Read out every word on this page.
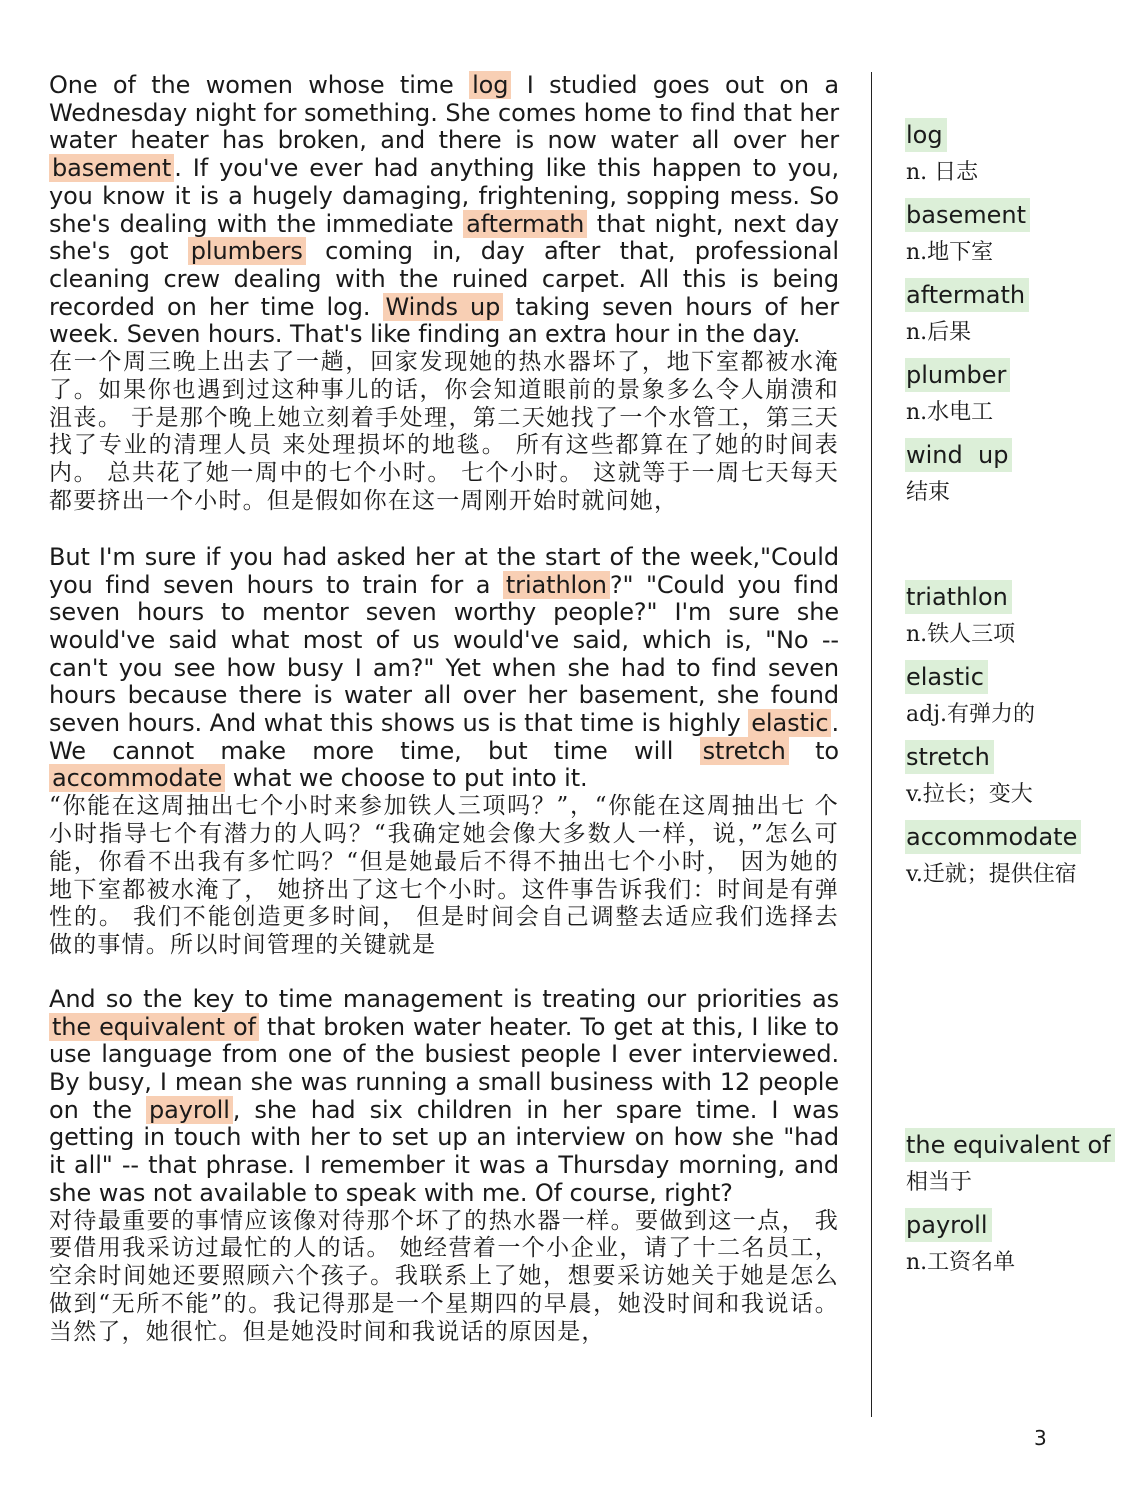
One of the women whose time log I studied goes out on a Wednesday night for something. She comes home to find that her water heater has broken, and there is now water all over her basement . If you've ever had anything like this happen to you, you know it is a hugely damaging, frightening, sopping mess. So she's dealing with the immediate aftermath that night, next day she's got plumbers coming in, day after that, professional cleaning crew dealing with the ruined carpet. All this is being recorded on her time log. Winds up taking seven hours of her week. Seven hours. That's like finding an extra hour in the day.

在一个周三晚上出去了一趟，回家发现她的热水器坏了，地下室都被水淹了。如果你也遇到过这种事儿的话，你会知道眼前的景象多么令人崩溃和沮丧。 于是那个晚上她立刻着手处理，第二天她找了一个水管工，第三天找了专业的清理人员 来处理损坏的地毯。 所有这些都算在了她的时间表内。 总共花了她一周中的七个小时。 七个小时。 这就等于一周七天每天都要挤出一个小时。但是假如你在这一周刚开始时就问她，

But I'm sure if you had asked her at the start of the week,"Could you find seven hours to train for a triathlon ?" "Could you find seven hours to mentor seven worthy people?" I'm sure she would've said what most of us would've said, which is, "No -- can't you see how busy I am?" Yet when she had to find seven hours because there is water all over her basement, she found seven hours. And what this shows us is that time is highly elastic . We cannot make more time, but time will stretch to accommodate what we choose to put into it.

“你能在这周抽出七个小时来参加铁人三项吗？”，“你能在这周抽出七 个小时指导七个有潜力的人吗？“我确定她会像大多数人一样，说，”怎么可能，你看不出我有多忙吗？“但是她最后不得不抽出七个小时， 因为她的地下室都被水淹了， 她挤出了这七个小时。这件事告诉我们：时间是有弹性的。 我们不能创造更多时间， 但是时间会自己调整去适应我们选择去做的事情。所以时间管理的关键就是

And so the key to time management is treating our priorities as the equivalent of that broken water heater. To get at this, I like to use language from one of the busiest people I ever interviewed. By busy, I mean she was running a small business with 12 people on the payroll , she had six children in her spare time. I was getting in touch with her to set up an interview on how she "had it all" -- that phrase. I remember it was a Thursday morning, and she was not available to speak with me. Of course, right?

对待最重要的事情应该像对待那个坏了的热水器一样。要做到这一点， 我要借用我采访过最忙的人的话。 她经营着一个小企业，请了十二名员工， 空余时间她还要照顾六个孩子。我联系上了她，想要采访她关于她是怎么做到“无所不能”的。我记得那是一个星期四的早晨，她没时间和我说话。当然了，她很忙。但是她没时间和我说话的原因是，

log
n. 日志
basement
n.地下室
aftermath
n.后果
plumber
n.水电工
wind  up
结束
triathlon
n.铁人三项
elastic
adj.有弹力的
stretch
v.拉长；变大
accommodate
v.迁就；提供住宿
the equivalent of
相当于
payroll
n.工资名单
3
